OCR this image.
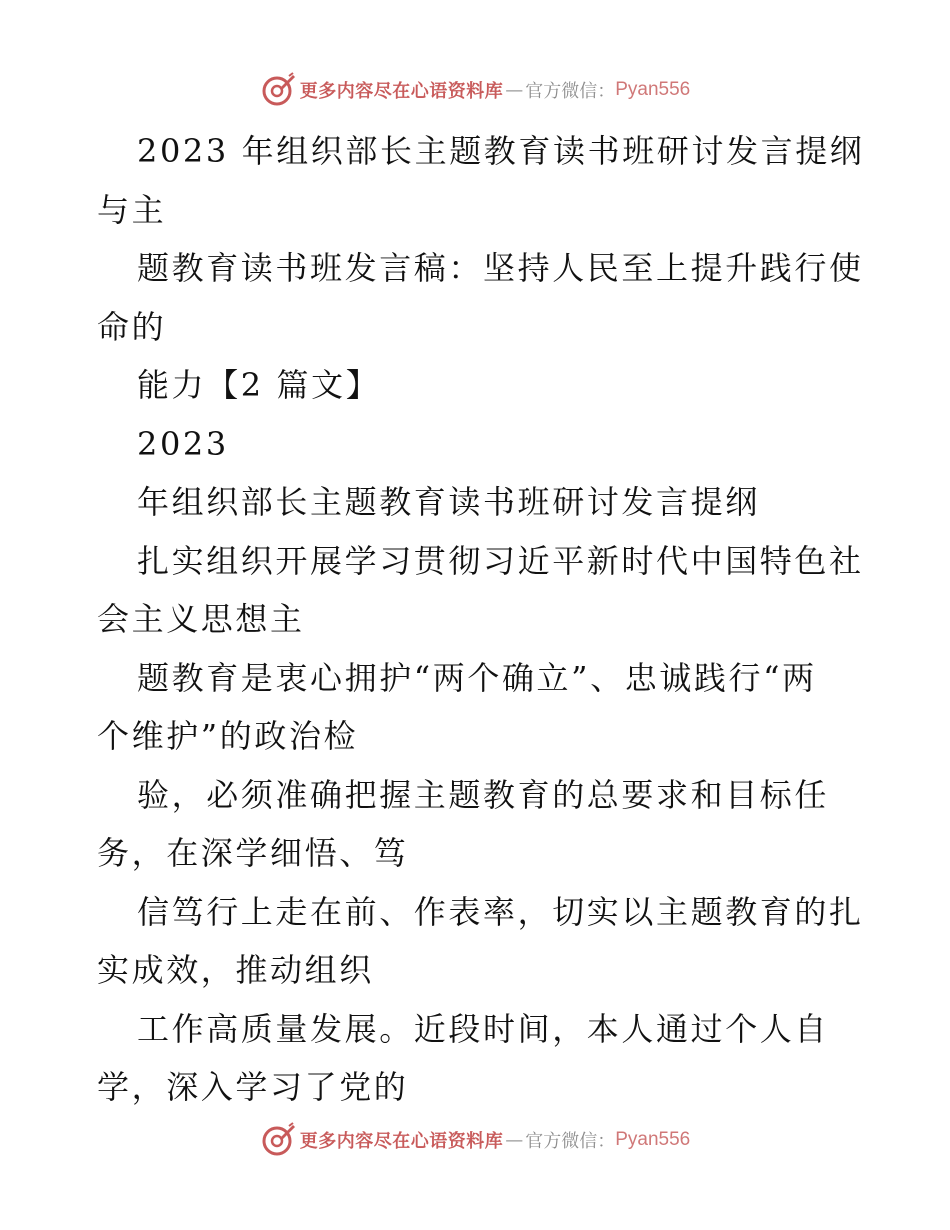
更多内容尽在心语资料库 — 官方微信： Pyan556
2023 年组织部长主题教育读书班研讨发言提纲
与主
题教育读书班发言稿：坚持人民至上提升践行使
命的
能力【2 篇文】
2023
年组织部长主题教育读书班研讨发言提纲
扎实组织开展学习贯彻习近平新时代中国特色社
会主义思想主
题教育是衷心拥护“两个确立”、忠诚践行“两
个维护”的政治检
验，必须准确把握主题教育的总要求和目标任
务，在深学细悟、笃
信笃行上走在前、作表率，切实以主题教育的扎
实成效，推动组织
工作高质量发展。近段时间，本人通过个人自
学，深入学习了党的
更多内容尽在心语资料库 — 官方微信： Pyan556
